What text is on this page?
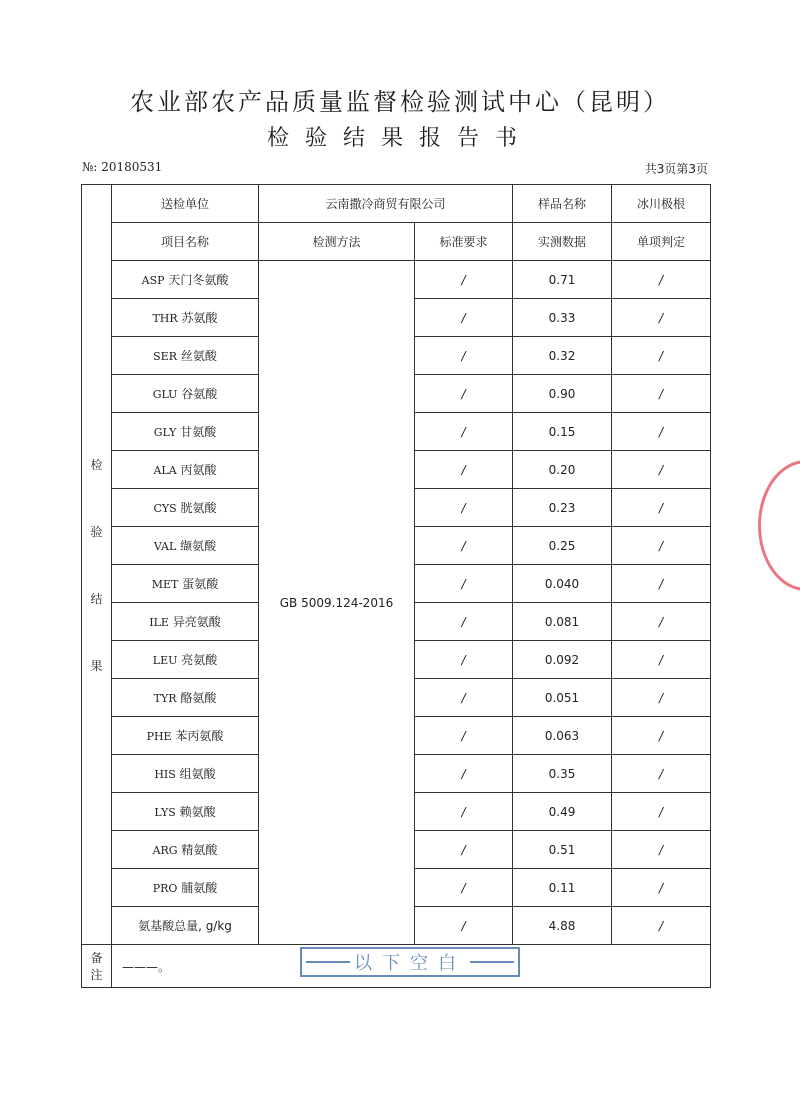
农业部农产品质量监督检验测试中心（昆明）
检验结果报告书
№: 20180531	共3页第3页
检
验
结
果	送检单位	云南撒冷商贸有限公司		样品名称	冰川极根
	项目名称	检测方法	标准要求	实测数据	单项判定
	ASP 天门冬氨酸	GB 5009.124-2016	/	0.71	/
	THR 苏氨酸		/	0.33	/
	SER 丝氨酸		/	0.32	/
	GLU 谷氨酸		/	0.90	/
	GLY 甘氨酸		/	0.15	/
	ALA 丙氨酸		/	0.20	/
	CYS 胱氨酸		/	0.23	/
	VAL 缬氨酸		/	0.25	/
	MET 蛋氨酸		/	0.040	/
	ILE 异亮氨酸		/	0.081	/
	LEU 亮氨酸		/	0.092	/
	TYR 酪氨酸		/	0.051	/
	PHE 苯丙氨酸		/	0.063	/
	HIS 组氨酸		/	0.35	/
	LYS 赖氨酸		/	0.49	/
	ARG 精氨酸		/	0.51	/
	PRO 脯氨酸		/	0.11	/
	氨基酸总量, g/kg		/	4.88	/

备
注	———。					以下空白
